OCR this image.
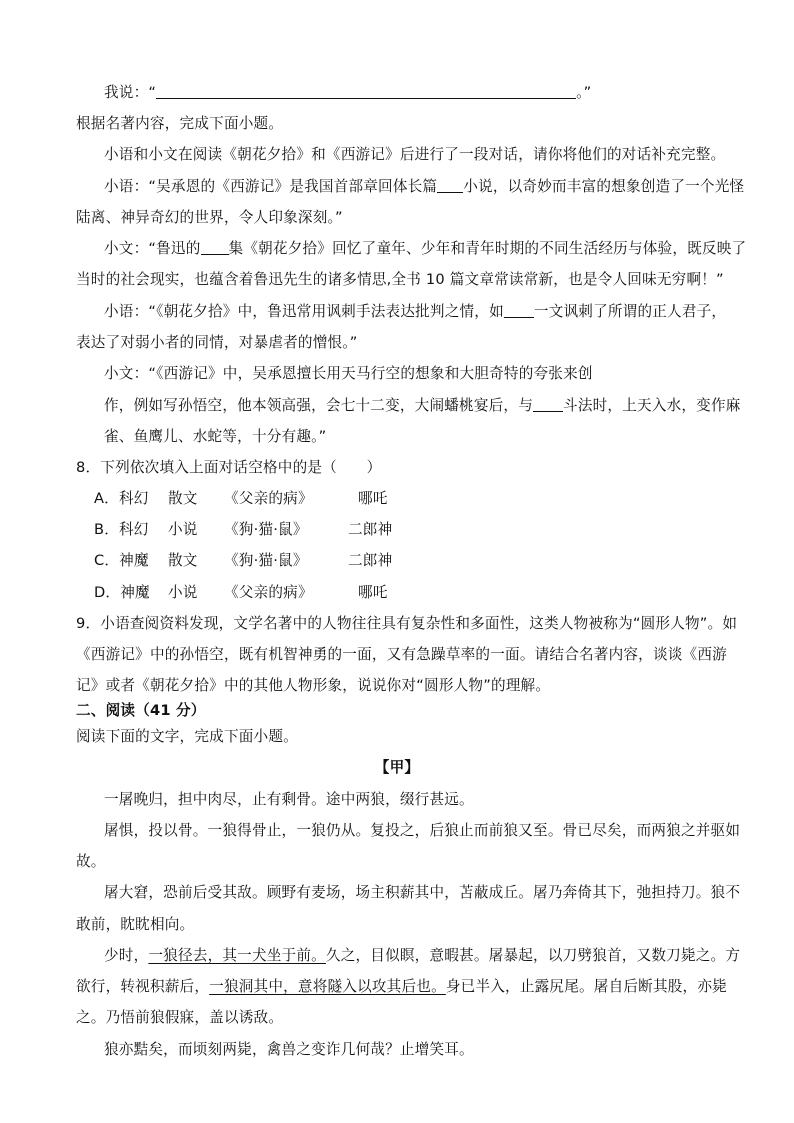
我说：“	。”
根据名著内容，完成下面小题。
小语和小文在阅读《朝花夕拾》和《西游记》后进行了一段对话，请你将他们的对话补充完整。
小语：“吴承恩的《西游记》是我国首部章回体长篇 小说，以奇妙而丰富的想象创造了一个光怪
陆离、神异奇幻的世界，令人印象深刻。”
小文：“鲁迅的 集《朝花夕拾》回忆了童年、少年和青年时期的不同生活经历与体验，既反映了
当时的社会现实，也蕴含着鲁迅先生的诸多情思,全书 10 篇文章常读常新，也是令人回味无穷啊！”
小语：“《朝花夕拾》中，鲁迅常用讽刺手法表达批判之情，如 一文讽刺了所谓的正人君子，
表达了对弱小者的同情，对暴虐者的憎恨。”
小文：“《西游记》中，吴承恩擅长用天马行空的想象和大胆奇特的夸张来创
作，例如写孙悟空，他本领高强，会七十二变，大闹蟠桃宴后，与 斗法时，上天入水，变作麻
雀、鱼鹰儿、水蛇等，十分有趣。”
8．下列依次填入上面对话空格中的是（　　）
A．科幻 散文 《父亲的病》	哪吒
B．科幻 小说 《狗·猫·鼠》	二郎神
C．神魔 散文 《狗·猫·鼠》	二郎神
D．神魔 小说 《父亲的病》	哪吒
9．小语查阅资料发现，文学名著中的人物往往具有复杂性和多面性，这类人物被称为“圆形人物”。如
《西游记》中的孙悟空，既有机智神勇的一面，又有急躁草率的一面。请结合名著内容，谈谈《西游
记》或者《朝花夕拾》中的其他人物形象，说说你对“圆形人物”的理解。
二、阅读（41 分）
阅读下面的文字，完成下面小题。
【甲】
一屠晚归，担中肉尽，止有剩骨。途中两狼，缀行甚远。
屠惧，投以骨。一狼得骨止，一狼仍从。复投之，后狼止而前狼又至。骨已尽矣，而两狼之并驱如
故。
屠大窘，恐前后受其敌。顾野有麦场，场主积薪其中，苫蔽成丘。屠乃奔倚其下，弛担持刀。狼不
敢前，眈眈相向。
少时，一狼径去，其一犬坐于前。久之，目似瞑，意暇甚。屠暴起，以刀劈狼首，又数刀毙之。方
欲行，转视积薪后，一狼洞其中，意将隧入以攻其后也。身已半入，止露尻尾。屠自后断其股，亦毙
之。乃悟前狼假寐，盖以诱敌。
狼亦黠矣，而顷刻两毙，禽兽之变诈几何哉？止增笑耳。
